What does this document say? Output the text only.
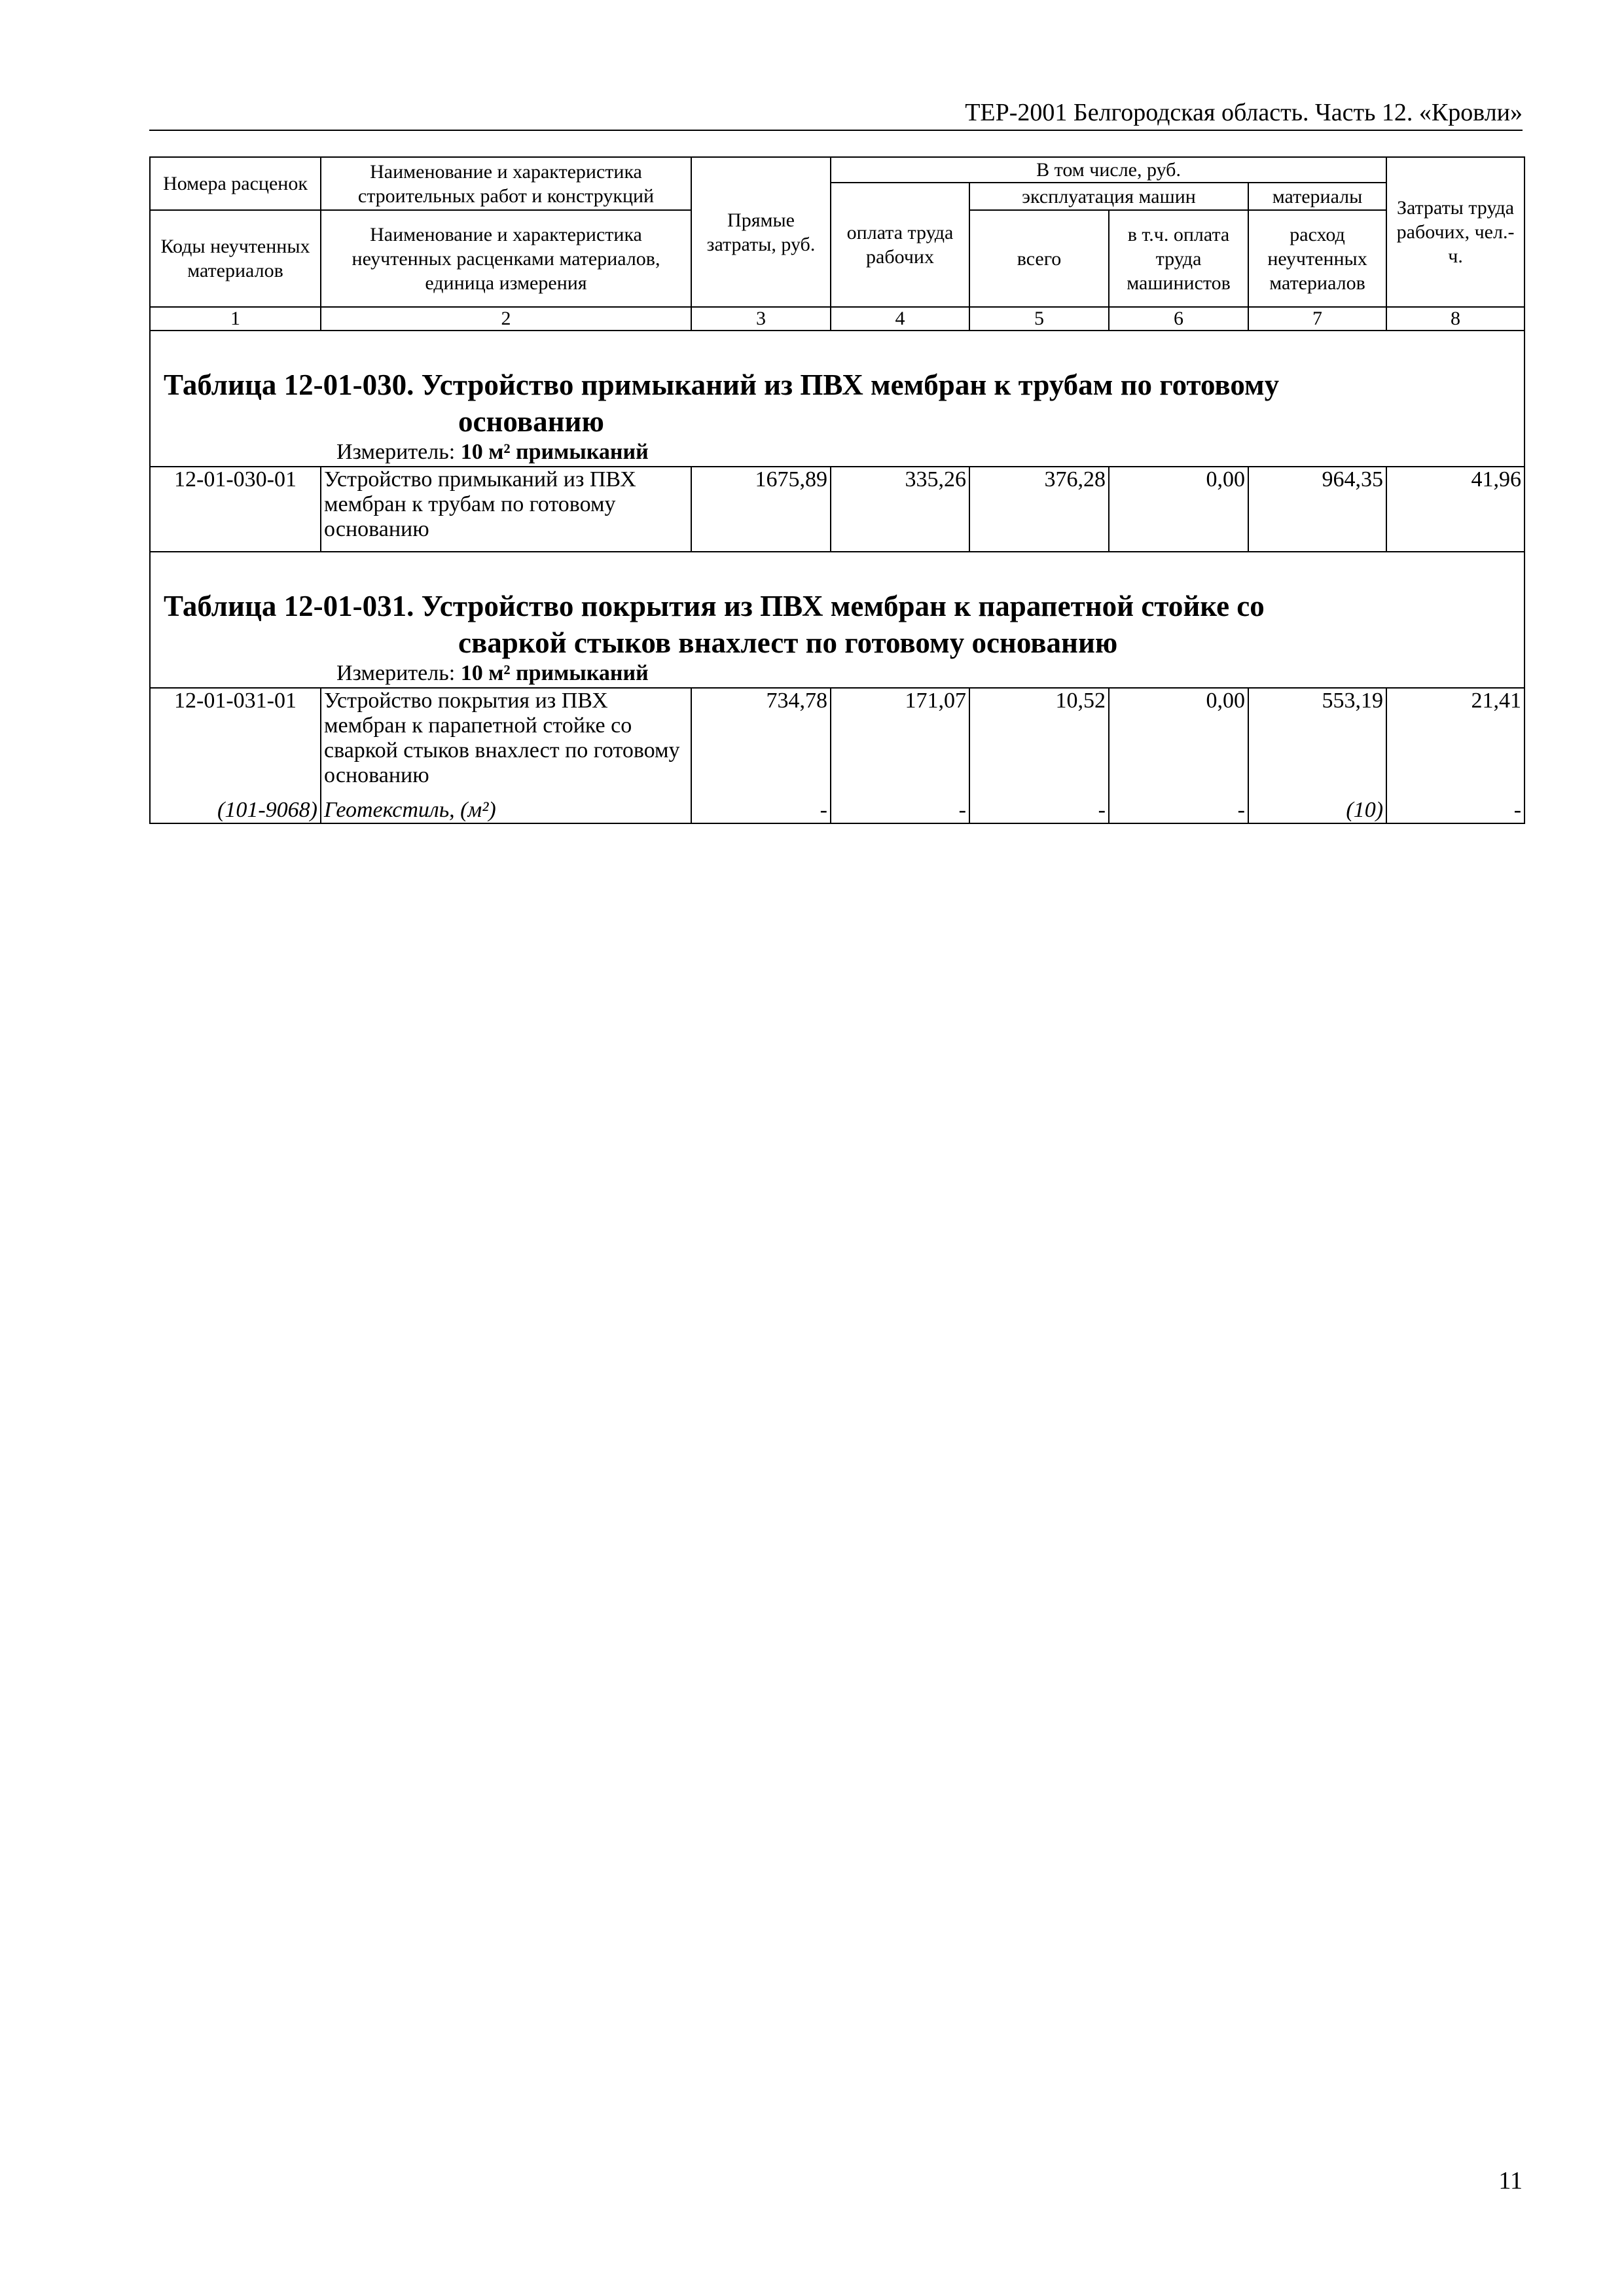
ТЕР-2001 Белгородская область. Часть 12. «Кровли»
Номера расценок	Наименование и характеристика строительных работ и конструкций	Прямые затраты, руб.	В том числе, руб.				Затраты труда рабочих, чел.-ч.
			оплата труда рабочих	эксплуатация машин		материалы	
Коды неучтенных материалов	Наименование и характеристика неучтенных расценками материалов, единица измерения			всего	в т.ч. оплата труда машинистов	расход неучтенных материалов	

1	2	3	4	5	6	7	8

Таблица 12-01-030. Устройство примыканий из ПВХ мембран к трубам по готовому
основанию
Измеритель: 10 м² примыканий							

12-01-030-01	Устройство примыканий из ПВХ мембран к трубам по готовому основанию	1675,89	335,26	376,28	0,00	964,35	41,96

Таблица 12-01-031. Устройство покрытия из ПВХ мембран к парапетной стойке со
сваркой стыков внахлест по готовому основанию
Измеритель: 10 м² примыканий							

12-01-031-01	Устройство покрытия из ПВХ мембран к парапетной стойке со сваркой стыков внахлест по готовому основанию	734,78	171,07	10,52	0,00	553,19	21,41
(101-9068)	Геотекстиль, (м²)	-	-	-	-	(10)	-
11
